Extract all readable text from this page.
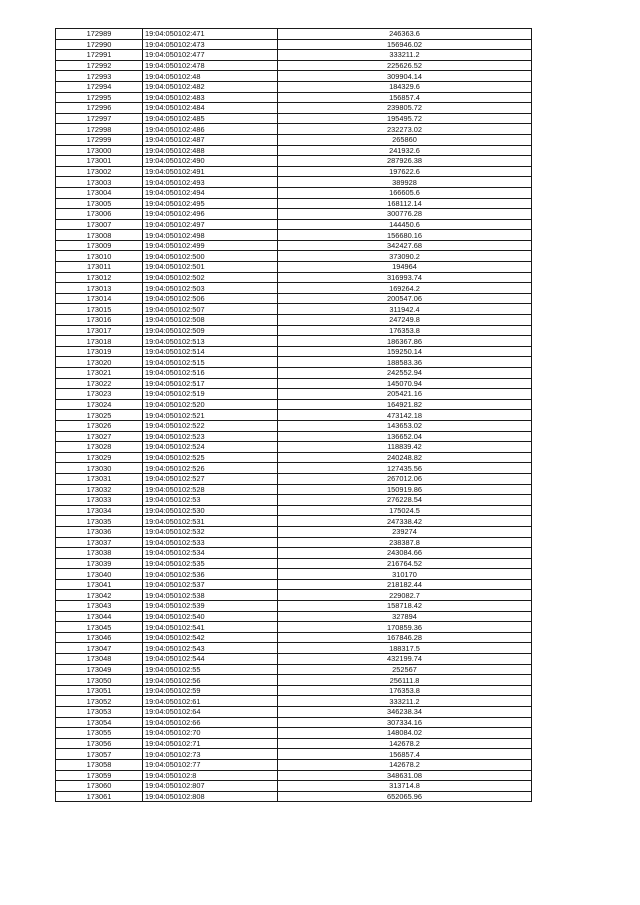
172989	19:04:050102:471	246363.6
172990	19:04:050102:473	156946.02
172991	19:04:050102:477	333211.2
172992	19:04:050102:478	225626.52
172993	19:04:050102:48	309904.14
172994	19:04:050102:482	184329.6
172995	19:04:050102:483	156857.4
172996	19:04:050102:484	239805.72
172997	19:04:050102:485	195495.72
172998	19:04:050102:486	232273.02
172999	19:04:050102:487	265860
173000	19:04:050102:488	241932.6
173001	19:04:050102:490	287926.38
173002	19:04:050102:491	197622.6
173003	19:04:050102:493	389928
173004	19:04:050102:494	166605.6
173005	19:04:050102:495	168112.14
173006	19:04:050102:496	300776.28
173007	19:04:050102:497	144450.6
173008	19:04:050102:498	156680.16
173009	19:04:050102:499	342427.68
173010	19:04:050102:500	373090.2
173011	19:04:050102:501	194964
173012	19:04:050102:502	316993.74
173013	19:04:050102:503	169264.2
173014	19:04:050102:506	200547.06
173015	19:04:050102:507	311942.4
173016	19:04:050102:508	247249.8
173017	19:04:050102:509	176353.8
173018	19:04:050102:513	186367.86
173019	19:04:050102:514	159250.14
173020	19:04:050102:515	188583.36
173021	19:04:050102:516	242552.94
173022	19:04:050102:517	145070.94
173023	19:04:050102:519	205421.16
173024	19:04:050102:520	164921.82
173025	19:04:050102:521	473142.18
173026	19:04:050102:522	143653.02
173027	19:04:050102:523	136652.04
173028	19:04:050102:524	118839.42
173029	19:04:050102:525	240248.82
173030	19:04:050102:526	127435.56
173031	19:04:050102:527	267012.06
173032	19:04:050102:528	150919.86
173033	19:04:050102:53	276228.54
173034	19:04:050102:530	175024.5
173035	19:04:050102:531	247338.42
173036	19:04:050102:532	239274
173037	19:04:050102:533	238387.8
173038	19:04:050102:534	243084.66
173039	19:04:050102:535	216764.52
173040	19:04:050102:536	310170
173041	19:04:050102:537	218182.44
173042	19:04:050102:538	229082.7
173043	19:04:050102:539	158718.42
173044	19:04:050102:540	327894
173045	19:04:050102:541	170859.36
173046	19:04:050102:542	167846.28
173047	19:04:050102:543	188317.5
173048	19:04:050102:544	432199.74
173049	19:04:050102:55	252567
173050	19:04:050102:56	256111.8
173051	19:04:050102:59	176353.8
173052	19:04:050102:61	333211.2
173053	19:04:050102:64	346238.34
173054	19:04:050102:66	307334.16
173055	19:04:050102:70	148084.02
173056	19:04:050102:71	142678.2
173057	19:04:050102:73	156857.4
173058	19:04:050102:77	142678.2
173059	19:04:050102:8	348631.08
173060	19:04:050102:807	313714.8
173061	19:04:050102:808	652065.96
